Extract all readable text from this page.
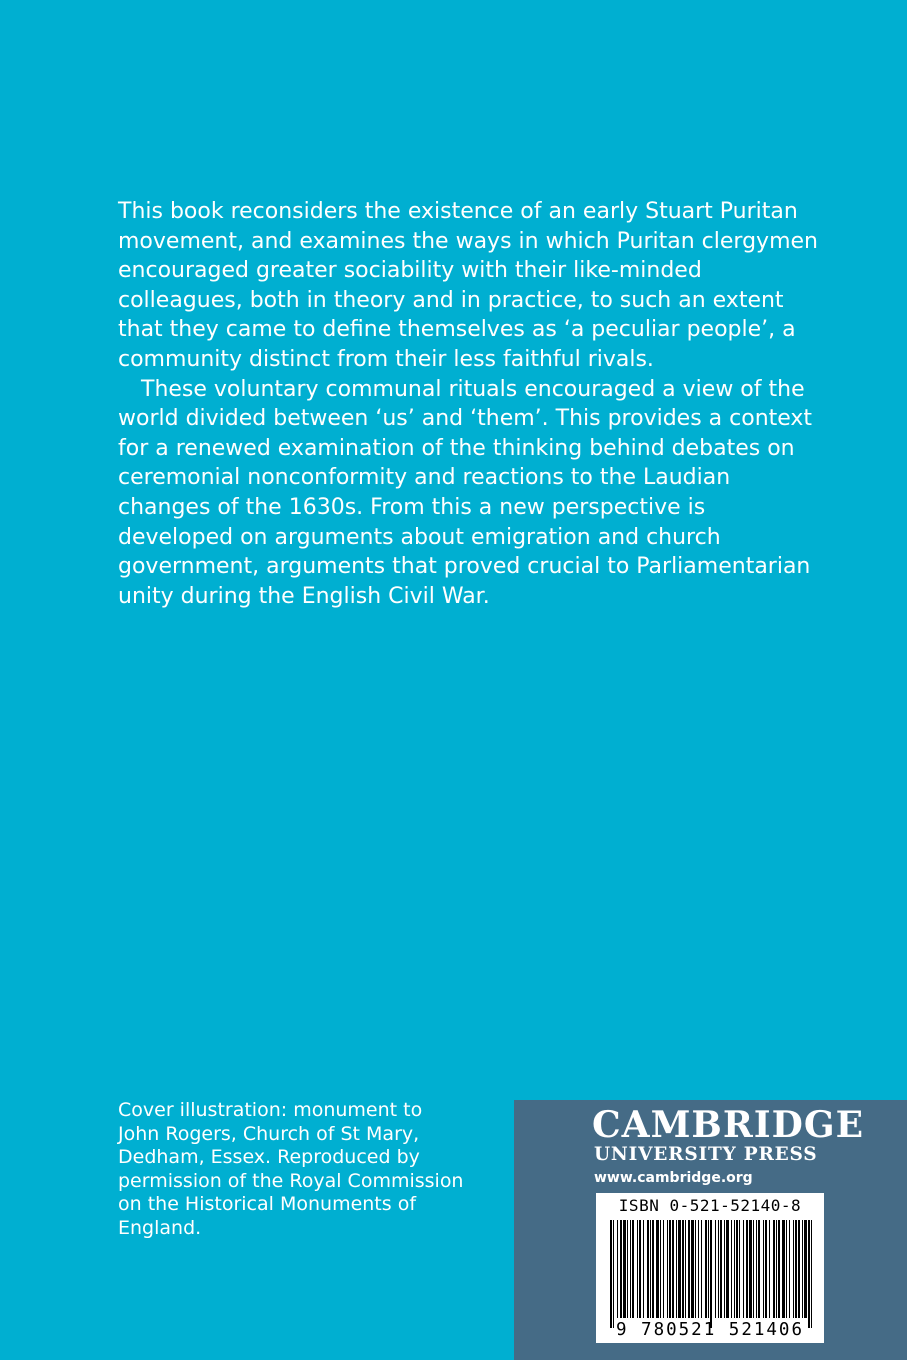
This book reconsiders the existence of an early Stuart Puritan movement, and examines the ways in which Puritan clergymen encouraged greater sociability with their like-minded colleagues, both in theory and in practice, to such an extent that they came to define themselves as ‘a peculiar people’, a community distinct from their less faithful rivals.

These voluntary communal rituals encouraged a view of the world divided between ‘us’ and ‘them’. This provides a context for a renewed examination of the thinking behind debates on ceremonial nonconformity and reactions to the Laudian changes of the 1630s. From this a new perspective is developed on arguments about emigration and church government, arguments that proved crucial to Parliamentarian unity during the English Civil War.

Cover illustration: monument to
John Rogers, Church of St Mary,
Dedham, Essex. Reproduced by
permission of the Royal Commission
on the Historical Monuments of
England.
CAMBRIDGE
UNIVERSITY PRESS
www.cambridge.org
ISBN 0-521-52140-8
9 780521 521406
